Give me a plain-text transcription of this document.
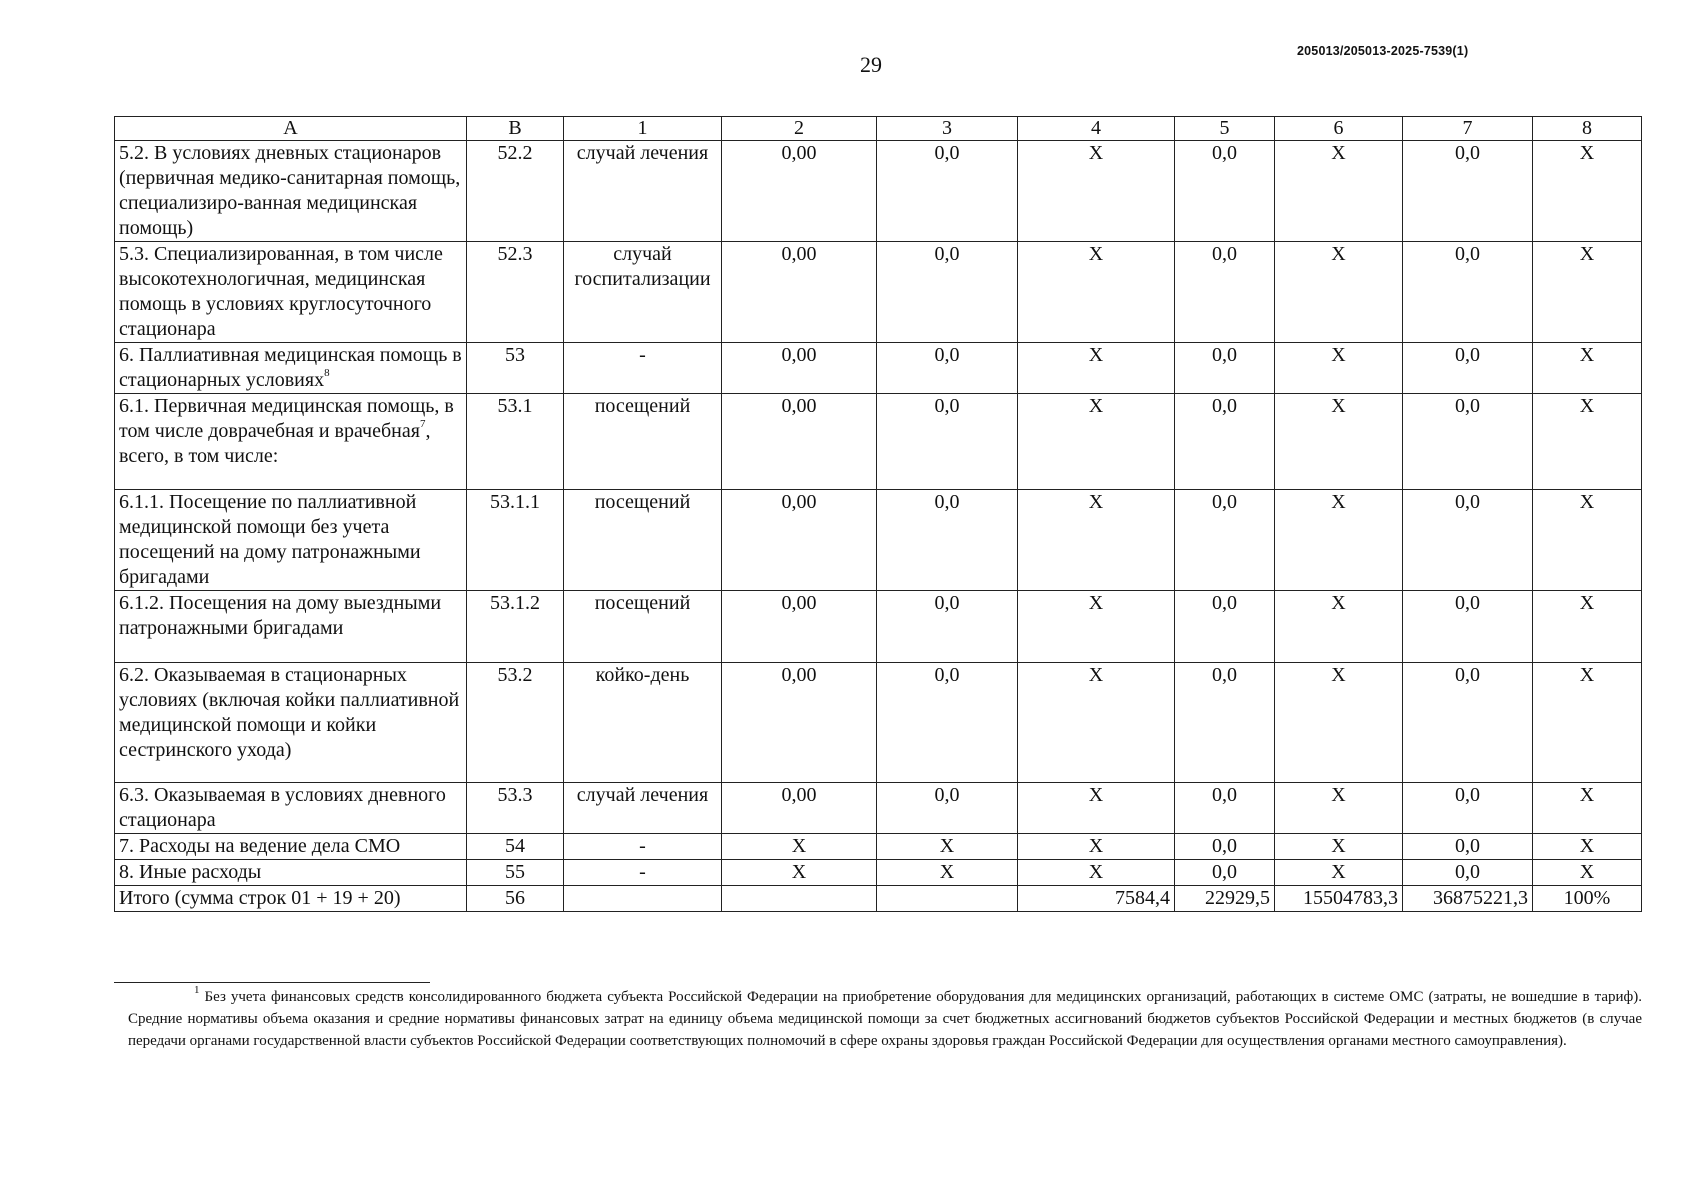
29
205013/205013-2025-7539(1)
A	B	1	2	3	4	5	6	7	8
5.2. В условиях дневных стационаров (первичная медико-санитарная помощь, специализиро-ванная медицинская помощь)	52.2	случай лечения	0,00	0,0	X	0,0	X	0,0	X
5.3. Специализированная, в том числе высокотехнологичная, медицинская помощь в условиях круглосуточного стационара	52.3	случай госпитализации	0,00	0,0	X	0,0	X	0,0	X
6. Паллиативная медицинская помощь в стационарных условиях$^8$	53	-	0,00	0,0	X	0,0	X	0,0	X
6.1. Первичная медицинская помощь, в том числе доврачебная и врачебная$^7$, всего, в том числе:	53.1	посещений	0,00	0,0	X	0,0	X	0,0	X
6.1.1. Посещение по паллиативной медицинской помощи без учета посещений на дому патронажными бригадами	53.1.1	посещений	0,00	0,0	X	0,0	X	0,0	X
6.1.2. Посещения на дому выездными патронажными бригадами	53.1.2	посещений	0,00	0,0	X	0,0	X	0,0	X
6.2. Оказываемая в стационарных условиях (включая койки паллиативной медицинской помощи и койки сестринского ухода)	53.2	койко-день	0,00	0,0	X	0,0	X	0,0	X
6.3. Оказываемая в условиях дневного стационара	53.3	случай лечения	0,00	0,0	X	0,0	X	0,0	X
7. Расходы на ведение дела СМО	54	-	X	X	X	0,0	X	0,0	X
8. Иные расходы	55	-	X	X	X	0,0	X	0,0	X
Итого (сумма строк 01 + 19 + 20)	56				7584,4	22929,5	15504783,3	36875221,3	100%
$^1$ Без учета финансовых средств консолидированного бюджета субъекта Российской Федерации на приобретение оборудования для медицинских организаций, работающих в системе ОМС (затраты, не вошедшие в тариф). Средние нормативы объема оказания и средние нормативы финансовых затрат на единицу объема медицинской помощи за счет бюджетных ассигнований бюджетов субъектов Российской Федерации и местных бюджетов (в случае передачи органами государственной власти субъектов Российской Федерации соответствующих полномочий в сфере охраны здоровья граждан Российской Федерации для осуществления органами местного самоуправления).
